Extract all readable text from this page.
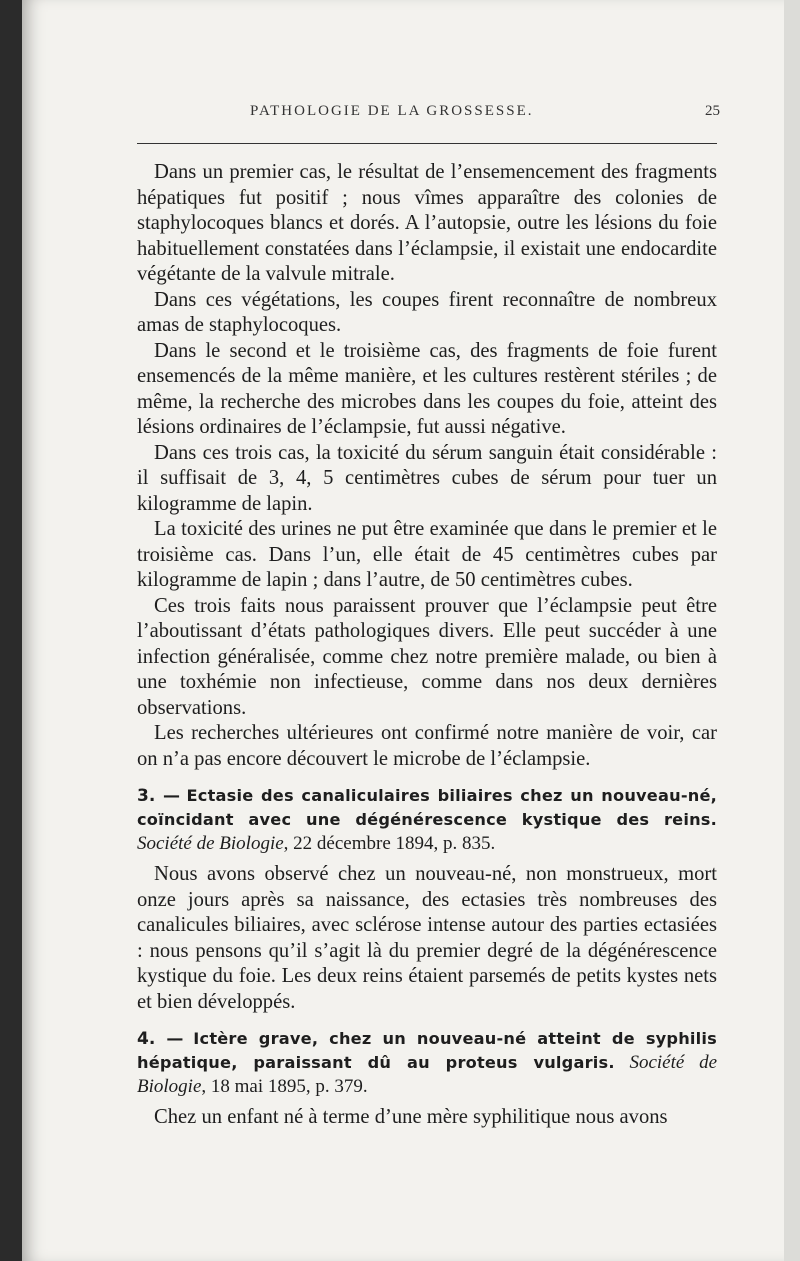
PATHOLOGIE DE LA GROSSESSE.	25

Dans un premier cas, le résultat de l’ensemencement des fragments hépatiques fut positif ; nous vîmes apparaître des colonies de staphylocoques blancs et dorés. A l’autopsie, outre les lésions du foie habituellement constatées dans l’éclampsie, il existait une endocardite végétante de la valvule mitrale.

Dans ces végétations, les coupes firent reconnaître de nombreux amas de staphylocoques.

Dans le second et le troisième cas, des fragments de foie furent ensemencés de la même manière, et les cultures restèrent stériles ; de même, la recherche des microbes dans les coupes du foie, atteint des lésions ordinaires de l’éclampsie, fut aussi négative.

Dans ces trois cas, la toxicité du sérum sanguin était considérable : il suffisait de 3, 4, 5 centimètres cubes de sérum pour tuer un kilogramme de lapin.

La toxicité des urines ne put être examinée que dans le premier et le troisième cas. Dans l’un, elle était de 45 centimètres cubes par kilogramme de lapin ; dans l’autre, de 50 centimètres cubes.

Ces trois faits nous paraissent prouver que l’éclampsie peut être l’aboutissant d’états pathologiques divers. Elle peut succéder à une infection généralisée, comme chez notre première malade, ou bien à une toxhémie non infectieuse, comme dans nos deux dernières observations.

Les recherches ultérieures ont confirmé notre manière de voir, car on n’a pas encore découvert le microbe de l’éclampsie.

3. — Ectasie des canaliculaires biliaires chez un nouveau-né, coïncidant avec une dégénérescence kystique des reins. Société de Biologie, 22 décembre 1894, p. 835.

Nous avons observé chez un nouveau-né, non monstrueux, mort onze jours après sa naissance, des ectasies très nombreuses des canalicules biliaires, avec sclérose intense autour des parties ectasiées : nous pensons qu’il s’agit là du premier degré de la dégénérescence kystique du foie. Les deux reins étaient parsemés de petits kystes nets et bien développés.

4. — Ictère grave, chez un nouveau-né atteint de syphilis hépatique, paraissant dû au proteus vulgaris. Société de Biologie, 18 mai 1895, p. 379.

Chez un enfant né à terme d’une mère syphilitique nous avons
